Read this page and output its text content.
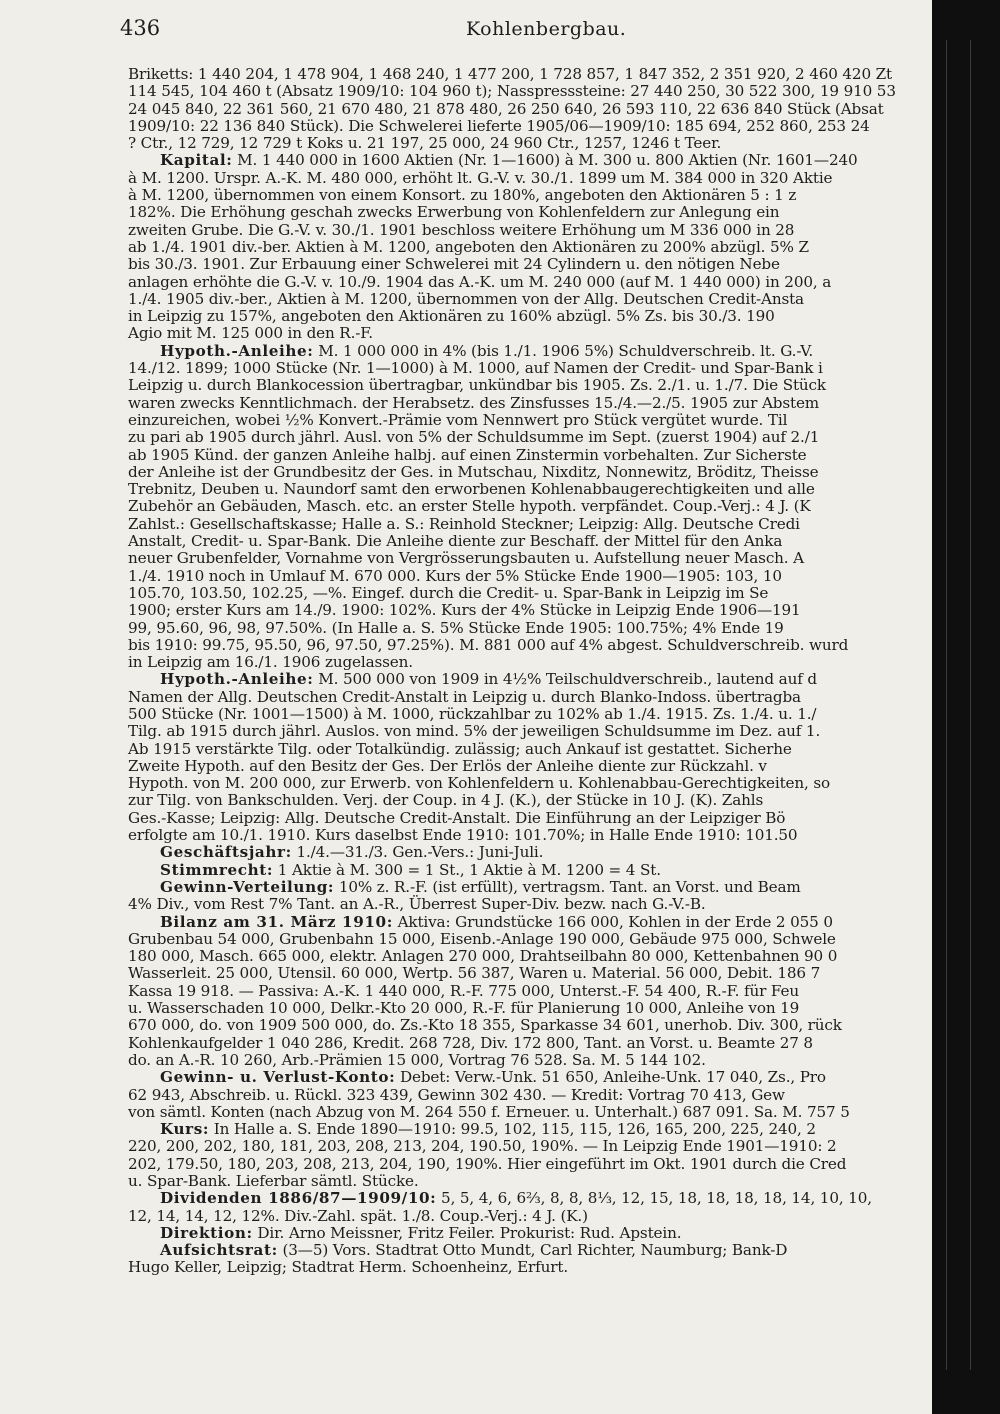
436	Kohlenbergbau.

Briketts: 1 440 204, 1 478 904, 1 468 240, 1 477 200, 1 728 857, 1 847 352, 2 351 920, 2 460 420 Zt

114 545, 104 460 t (Absatz 1909/10: 104 960 t); Nasspresssteine: 27 440 250, 30 522 300, 19 910 53

24 045 840, 22 361 560, 21 670 480, 21 878 480, 26 250 640, 26 593 110, 22 636 840 Stück (Absat

1909/10: 22 136 840 Stück). Die Schwelerei lieferte 1905/06—1909/10: 185 694, 252 860, 253 24

? Ctr., 12 729, 12 729 t Koks u. 21 197, 25 000, 24 960 Ctr., 1257, 1246 t Teer.

Kapital: M. 1 440 000 in 1600 Aktien (Nr. 1—1600) à M. 300 u. 800 Aktien (Nr. 1601—240

à M. 1200. Urspr. A.-K. M. 480 000, erhöht lt. G.-V. v. 30./1. 1899 um M. 384 000 in 320 Aktie

à M. 1200, übernommen von einem Konsort. zu 180%, angeboten den Aktionären 5 : 1 z

182%. Die Erhöhung geschah zwecks Erwerbung von Kohlenfeldern zur Anlegung ein

zweiten Grube. Die G.-V. v. 30./1. 1901 beschloss weitere Erhöhung um M 336 000 in 28

ab 1./4. 1901 div.-ber. Aktien à M. 1200, angeboten den Aktionären zu 200% abzügl. 5% Z

bis 30./3. 1901. Zur Erbauung einer Schwelerei mit 24 Cylindern u. den nötigen Nebe

anlagen erhöhte die G.-V. v. 10./9. 1904 das A.-K. um M. 240 000 (auf M. 1 440 000) in 200, a

1./4. 1905 div.-ber., Aktien à M. 1200, übernommen von der Allg. Deutschen Credit-Ansta

in Leipzig zu 157%, angeboten den Aktionären zu 160% abzügl. 5% Zs. bis 30./3. 190

Agio mit M. 125 000 in den R.-F.

Hypoth.-Anleihe: M. 1 000 000 in 4% (bis 1./1. 1906 5%) Schuldverschreib. lt. G.-V.

14./12. 1899; 1000 Stücke (Nr. 1—1000) à M. 1000, auf Namen der Credit- und Spar-Bank i

Leipzig u. durch Blankocession übertragbar, unkündbar bis 1905. Zs. 2./1. u. 1./7. Die Stück

waren zwecks Kenntlichmach. der Herabsetz. des Zinsfusses 15./4.—2./5. 1905 zur Abstem

einzureichen, wobei ½% Konvert.-Prämie vom Nennwert pro Stück vergütet wurde. Til

zu pari ab 1905 durch jährl. Ausl. von 5% der Schuldsumme im Sept. (zuerst 1904) auf 2./1

ab 1905 Künd. der ganzen Anleihe halbj. auf einen Zinstermin vorbehalten. Zur Sicherste

der Anleihe ist der Grundbesitz der Ges. in Mutschau, Nixditz, Nonnewitz, Bröditz, Theisse

Trebnitz, Deuben u. Naundorf samt den erworbenen Kohlenabbaugerechtigkeiten und alle

Zubehör an Gebäuden, Masch. etc. an erster Stelle hypoth. verpfändet. Coup.-Verj.: 4 J. (K

Zahlst.: Gesellschaftskasse; Halle a. S.: Reinhold Steckner; Leipzig: Allg. Deutsche Credi

Anstalt, Credit- u. Spar-Bank. Die Anleihe diente zur Beschaff. der Mittel für den Anka

neuer Grubenfelder, Vornahme von Vergrösserungsbauten u. Aufstellung neuer Masch. A

1./4. 1910 noch in Umlauf M. 670 000. Kurs der 5% Stücke Ende 1900—1905: 103, 10

105.70, 103.50, 102.25, —%. Eingef. durch die Credit- u. Spar-Bank in Leipzig im Se

1900; erster Kurs am 14./9. 1900: 102%. Kurs der 4% Stücke in Leipzig Ende 1906—191

99, 95.60, 96, 98, 97.50%. (In Halle a. S. 5% Stücke Ende 1905: 100.75%; 4% Ende 19

bis 1910: 99.75, 95.50, 96, 97.50, 97.25%). M. 881 000 auf 4% abgest. Schuldverschreib. wurd

in Leipzig am 16./1. 1906 zugelassen.

Hypoth.-Anleihe: M. 500 000 von 1909 in 4½% Teilschuldverschreib., lautend auf d

Namen der Allg. Deutschen Credit-Anstalt in Leipzig u. durch Blanko-Indoss. übertragba

500 Stücke (Nr. 1001—1500) à M. 1000, rückzahlbar zu 102% ab 1./4. 1915. Zs. 1./4. u. 1./

Tilg. ab 1915 durch jährl. Auslos. von mind. 5% der jeweiligen Schuldsumme im Dez. auf 1.

Ab 1915 verstärkte Tilg. oder Totalkündig. zulässig; auch Ankauf ist gestattet. Sicherhe

Zweite Hypoth. auf den Besitz der Ges. Der Erlös der Anleihe diente zur Rückzahl. v

Hypoth. von M. 200 000, zur Erwerb. von Kohlenfeldern u. Kohlenabbau-Gerechtigkeiten, so

zur Tilg. von Bankschulden. Verj. der Coup. in 4 J. (K.), der Stücke in 10 J. (K). Zahls

Ges.-Kasse; Leipzig: Allg. Deutsche Credit-Anstalt. Die Einführung an der Leipziger Bö

erfolgte am 10./1. 1910. Kurs daselbst Ende 1910: 101.70%; in Halle Ende 1910: 101.50

Geschäftsjahr: 1./4.—31./3. Gen.-Vers.: Juni-Juli.

Stimmrecht: 1 Aktie à M. 300 = 1 St., 1 Aktie à M. 1200 = 4 St.

Gewinn-Verteilung: 10% z. R.-F. (ist erfüllt), vertragsm. Tant. an Vorst. und Beam

4% Div., vom Rest 7% Tant. an A.-R., Überrest Super-Div. bezw. nach G.-V.-B.

Bilanz am 31. März 1910: Aktiva: Grundstücke 166 000, Kohlen in der Erde 2 055 0

Grubenbau 54 000, Grubenbahn 15 000, Eisenb.-Anlage 190 000, Gebäude 975 000, Schwele

180 000, Masch. 665 000, elektr. Anlagen 270 000, Drahtseilbahn 80 000, Kettenbahnen 90 0

Wasserleit. 25 000, Utensil. 60 000, Wertp. 56 387, Waren u. Material. 56 000, Debit. 186 7

Kassa 19 918. — Passiva: A.-K. 1 440 000, R.-F. 775 000, Unterst.-F. 54 400, R.-F. für Feu

u. Wasserschaden 10 000, Delkr.-Kto 20 000, R.-F. für Planierung 10 000, Anleihe von 19

670 000, do. von 1909 500 000, do. Zs.-Kto 18 355, Sparkasse 34 601, unerhob. Div. 300, rück

Kohlenkaufgelder 1 040 286, Kredit. 268 728, Div. 172 800, Tant. an Vorst. u. Beamte 27 8

do. an A.-R. 10 260, Arb.-Prämien 15 000, Vortrag 76 528. Sa. M. 5 144 102.

Gewinn- u. Verlust-Konto: Debet: Verw.-Unk. 51 650, Anleihe-Unk. 17 040, Zs., Pro

62 943, Abschreib. u. Rückl. 323 439, Gewinn 302 430. — Kredit: Vortrag 70 413, Gew

von sämtl. Konten (nach Abzug von M. 264 550 f. Erneuer. u. Unterhalt.) 687 091. Sa. M. 757 5

Kurs: In Halle a. S. Ende 1890—1910: 99.5, 102, 115, 115, 126, 165, 200, 225, 240, 2

220, 200, 202, 180, 181, 203, 208, 213, 204, 190.50, 190%. — In Leipzig Ende 1901—1910: 2

202, 179.50, 180, 203, 208, 213, 204, 190, 190%. Hier eingeführt im Okt. 1901 durch die Cred

u. Spar-Bank. Lieferbar sämtl. Stücke.

Dividenden 1886/87—1909/10: 5, 5, 4, 6, 6⅔, 8, 8, 8⅓, 12, 15, 18, 18, 18, 18, 14, 10, 10,

12, 14, 14, 12, 12%. Div.-Zahl. spät. 1./8. Coup.-Verj.: 4 J. (K.)

Direktion: Dir. Arno Meissner, Fritz Feiler. Prokurist: Rud. Apstein.

Aufsichtsrat: (3—5) Vors. Stadtrat Otto Mundt, Carl Richter, Naumburg; Bank-D

Hugo Keller, Leipzig; Stadtrat Herm. Schoenheinz, Erfurt.
